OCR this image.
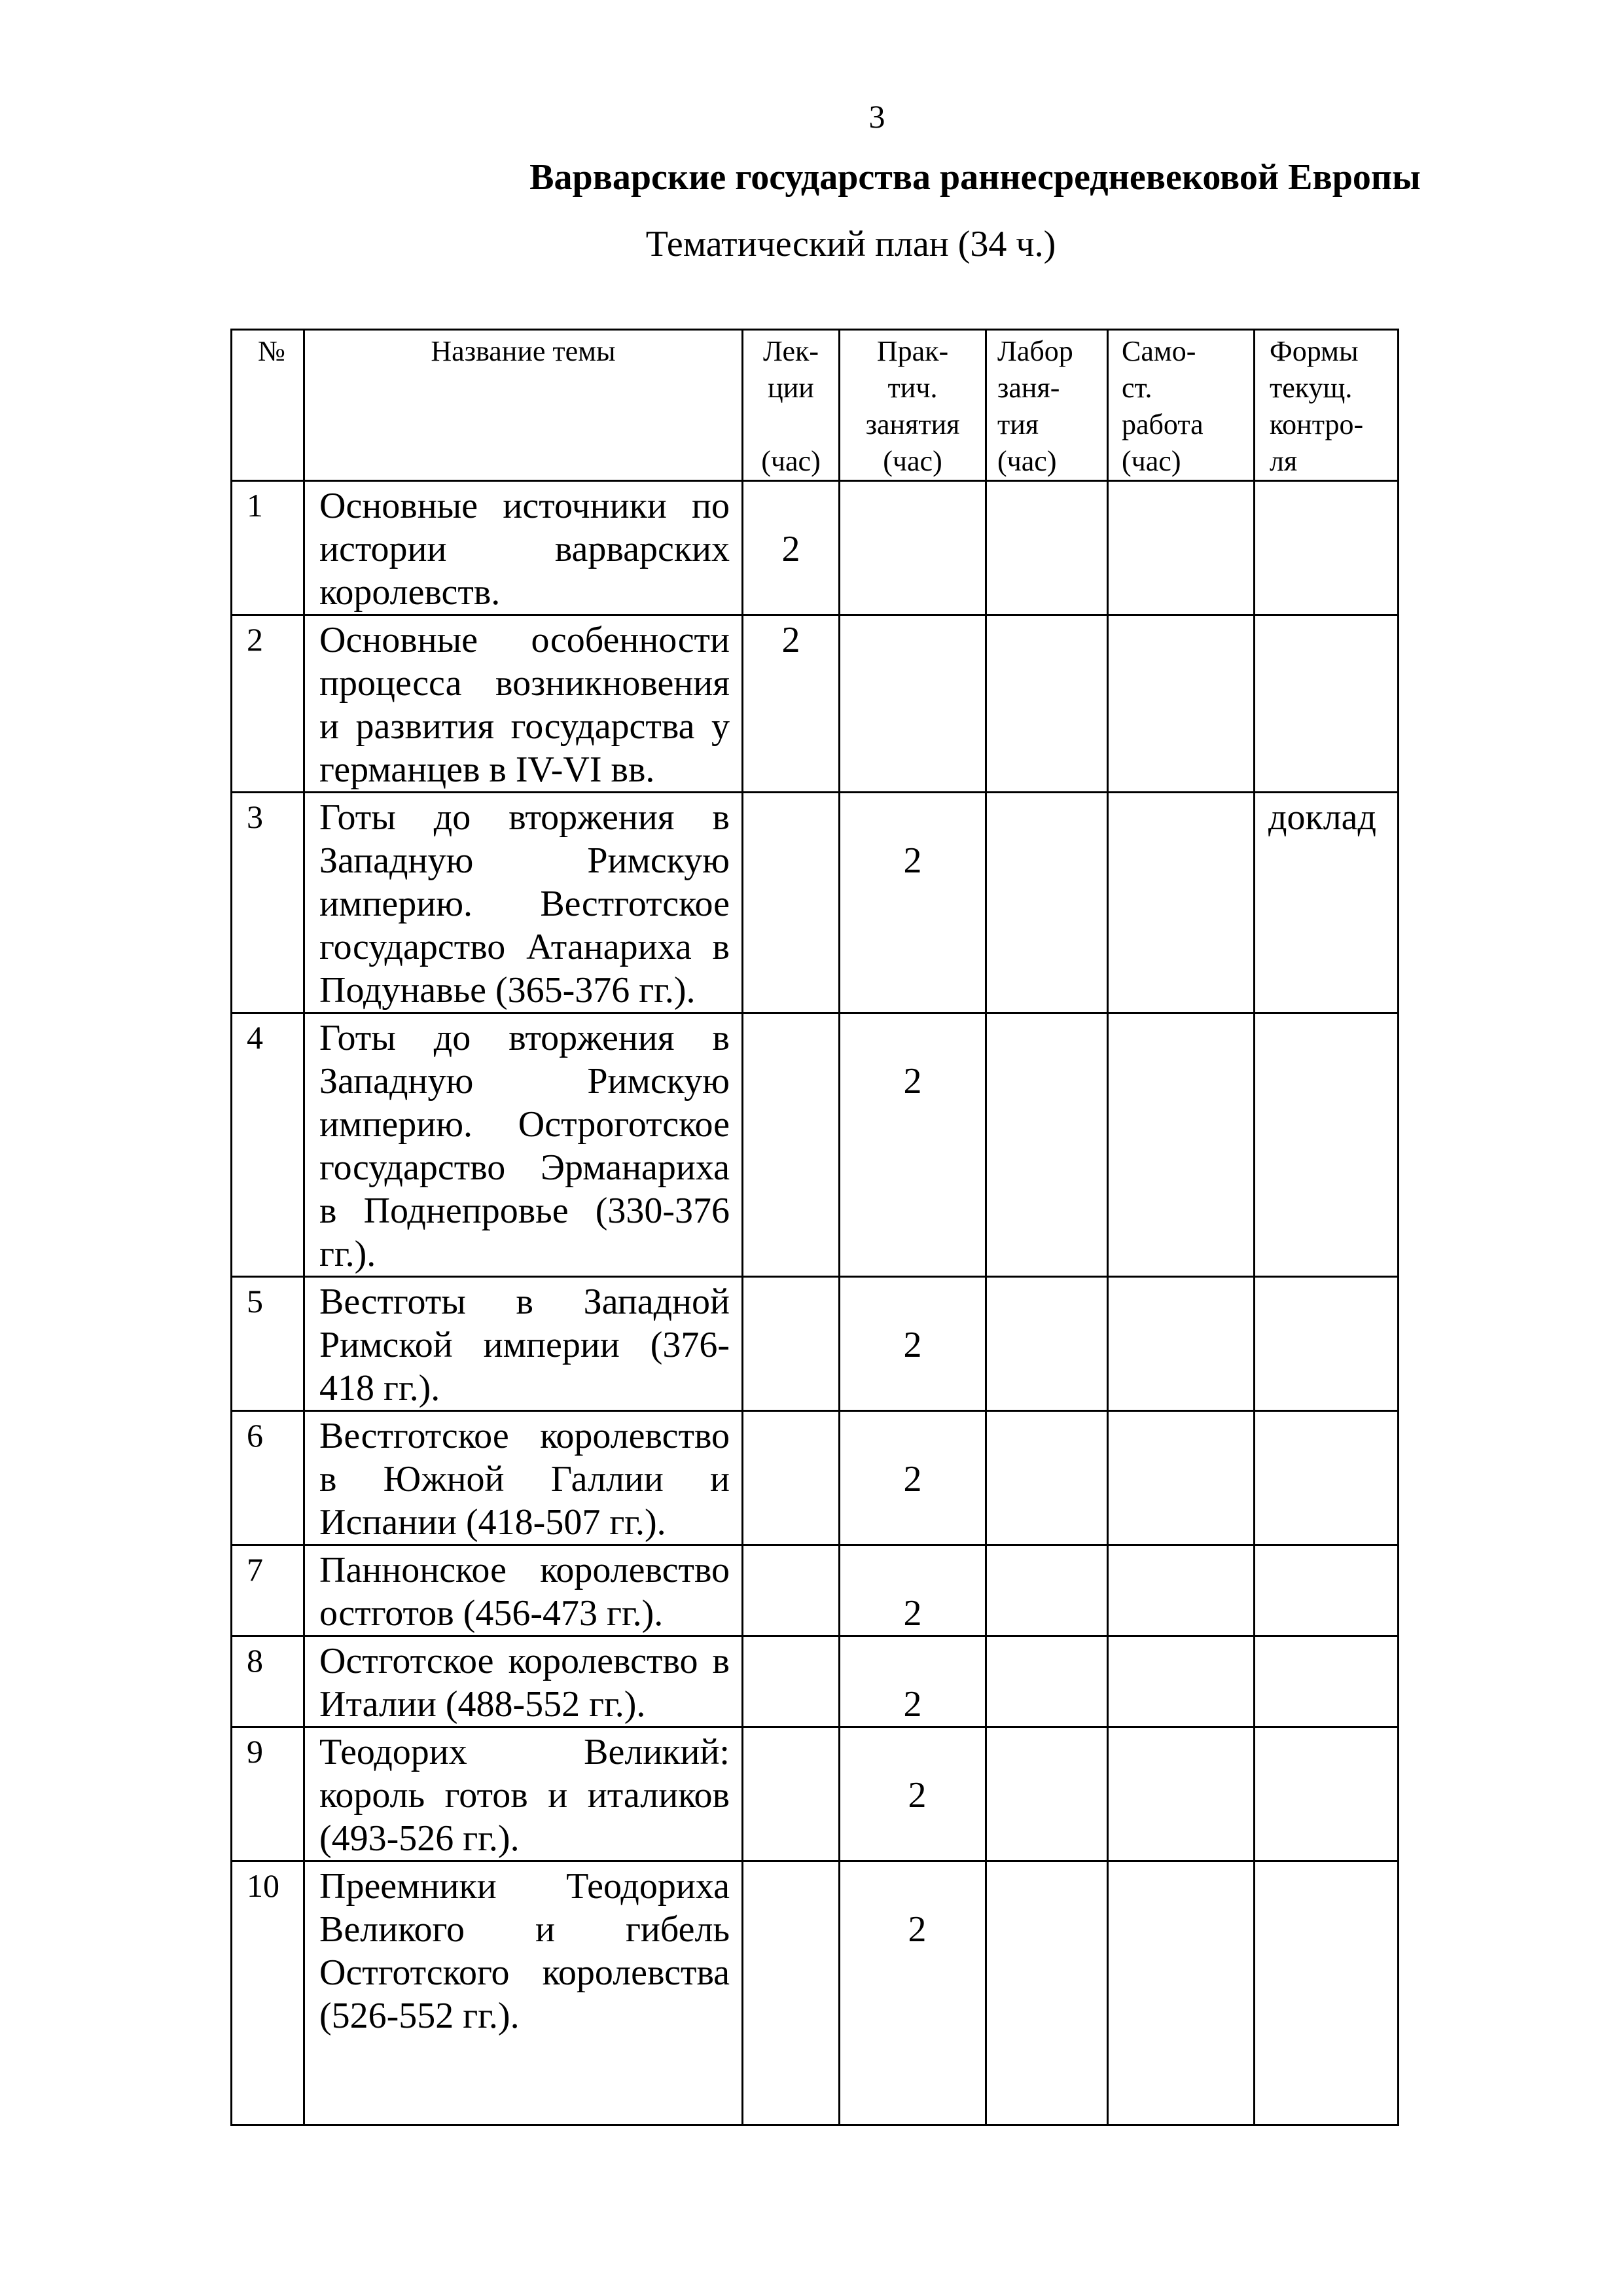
3
Варварские государства раннесредневековой Европы
Тематический план (34 ч.)
№	Название темы	Лек-
ции

(час)	Прак-
тич.
занятия
(час)	Лабор
заня-
тия
(час)	Само-
ст.
работа
(час)	Формы
текущ.
контро-
ля

1	Основные источники по истории варварских королевств.	2				

2	Основные особенности процесса возникновения и развития государства у германцев в IV-VI вв.	2				

3	Готы до вторжения в Западную Римскую империю. Вестготское государство Атанариха в Подунавье (365-376 гг.).		2			доклад

4	Готы до вторжения в Западную Римскую империю. Остроготское государство Эрманариха в Поднепровье (330-376 гг.).		2			

5	Вестготы в Западной Римской империи (376-418 гг.).		2			

6	Вестготское королевство в Южной Галлии и Испании (418-507 гг.).		2			

7	Паннонское королевство остготов (456-473 гг.).		2			

8	Остготское королевство в Италии (488-552 гг.).		2			

9	Теодорих Великий: король готов и италиков (493-526 гг.).		2			

10	Преемники Теодориха Великого и гибель Остготского королевства (526-552 гг.).		2			
